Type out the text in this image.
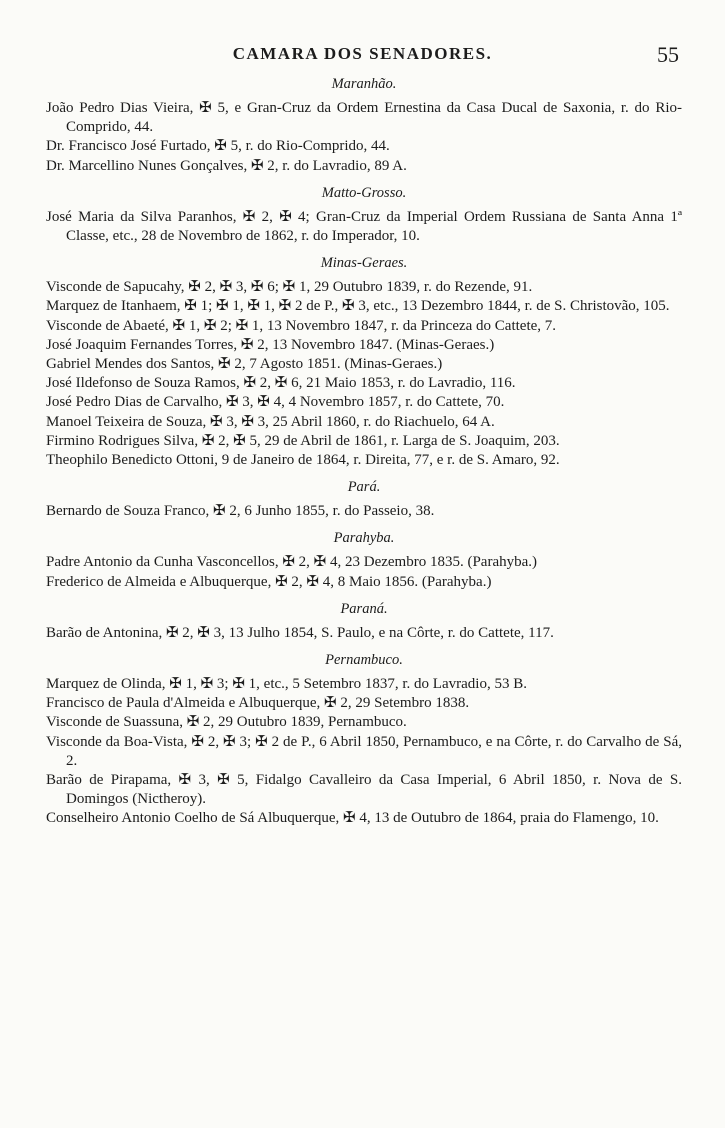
CAMARA DOS SENADORES.	55
Maranhão.
João Pedro Dias Vieira, ✠ 5, e Gran-Cruz da Ordem Ernestina da Casa Ducal de Saxonia, r. do Rio-Comprido, 44.
Dr. Francisco José Furtado, ✠ 5, r. do Rio-Comprido, 44.
Dr. Marcellino Nunes Gonçalves, ✠ 2, r. do Lavradio, 89 A.
Matto-Grosso.
José Maria da Silva Paranhos, ✠ 2, ✠ 4; Gran-Cruz da Imperial Ordem Russiana de Santa Anna 1ª Classe, etc., 28 de Novembro de 1862, r. do Imperador, 10.
Minas-Geraes.
Visconde de Sapucahy, ✠ 2, ✠ 3, ✠ 6; ✠ 1, 29 Outubro 1839, r. do Rezende, 91.
Marquez de Itanhaem, ✠ 1; ✠ 1, ✠ 1, ✠ 2 de P., ✠ 3, etc., 13 Dezembro 1844, r. de S. Christovão, 105.
Visconde de Abaeté, ✠ 1, ✠ 2; ✠ 1, 13 Novembro 1847, r. da Princeza do Cattete, 7.
José Joaquim Fernandes Torres, ✠ 2, 13 Novembro 1847. (Minas-Geraes.)
Gabriel Mendes dos Santos, ✠ 2, 7 Agosto 1851. (Minas-Geraes.)
José Ildefonso de Souza Ramos, ✠ 2, ✠ 6, 21 Maio 1853, r. do Lavradio, 116.
José Pedro Dias de Carvalho, ✠ 3, ✠ 4, 4 Novembro 1857, r. do Cattete, 70.
Manoel Teixeira de Souza, ✠ 3, ✠ 3, 25 Abril 1860, r. do Riachuelo, 64 A.
Firmino Rodrigues Silva, ✠ 2, ✠ 5, 29 de Abril de 1861, r. Larga de S. Joaquim, 203.
Theophilo Benedicto Ottoni, 9 de Janeiro de 1864, r. Direita, 77, e r. de S. Amaro, 92.
Pará.
Bernardo de Souza Franco, ✠ 2, 6 Junho 1855, r. do Passeio, 38.
Parahyba.
Padre Antonio da Cunha Vasconcellos, ✠ 2, ✠ 4, 23 Dezembro 1835. (Parahyba.)
Frederico de Almeida e Albuquerque, ✠ 2, ✠ 4, 8 Maio 1856. (Parahyba.)
Paraná.
Barão de Antonina, ✠ 2, ✠ 3, 13 Julho 1854, S. Paulo, e na Côrte, r. do Cattete, 117.
Pernambuco.
Marquez de Olinda, ✠ 1, ✠ 3; ✠ 1, etc., 5 Setembro 1837, r. do Lavradio, 53 B.
Francisco de Paula d'Almeida e Albuquerque, ✠ 2, 29 Setembro 1838.
Visconde de Suassuna, ✠ 2, 29 Outubro 1839, Pernambuco.
Visconde da Boa-Vista, ✠ 2, ✠ 3; ✠ 2 de P., 6 Abril 1850, Pernambuco, e na Côrte, r. do Carvalho de Sá, 2.
Barão de Pirapama, ✠ 3, ✠ 5, Fidalgo Cavalleiro da Casa Imperial, 6 Abril 1850, r. Nova de S. Domingos (Nictheroy).
Conselheiro Antonio Coelho de Sá Albuquerque, ✠ 4, 13 de Outubro de 1864, praia do Flamengo, 10.
